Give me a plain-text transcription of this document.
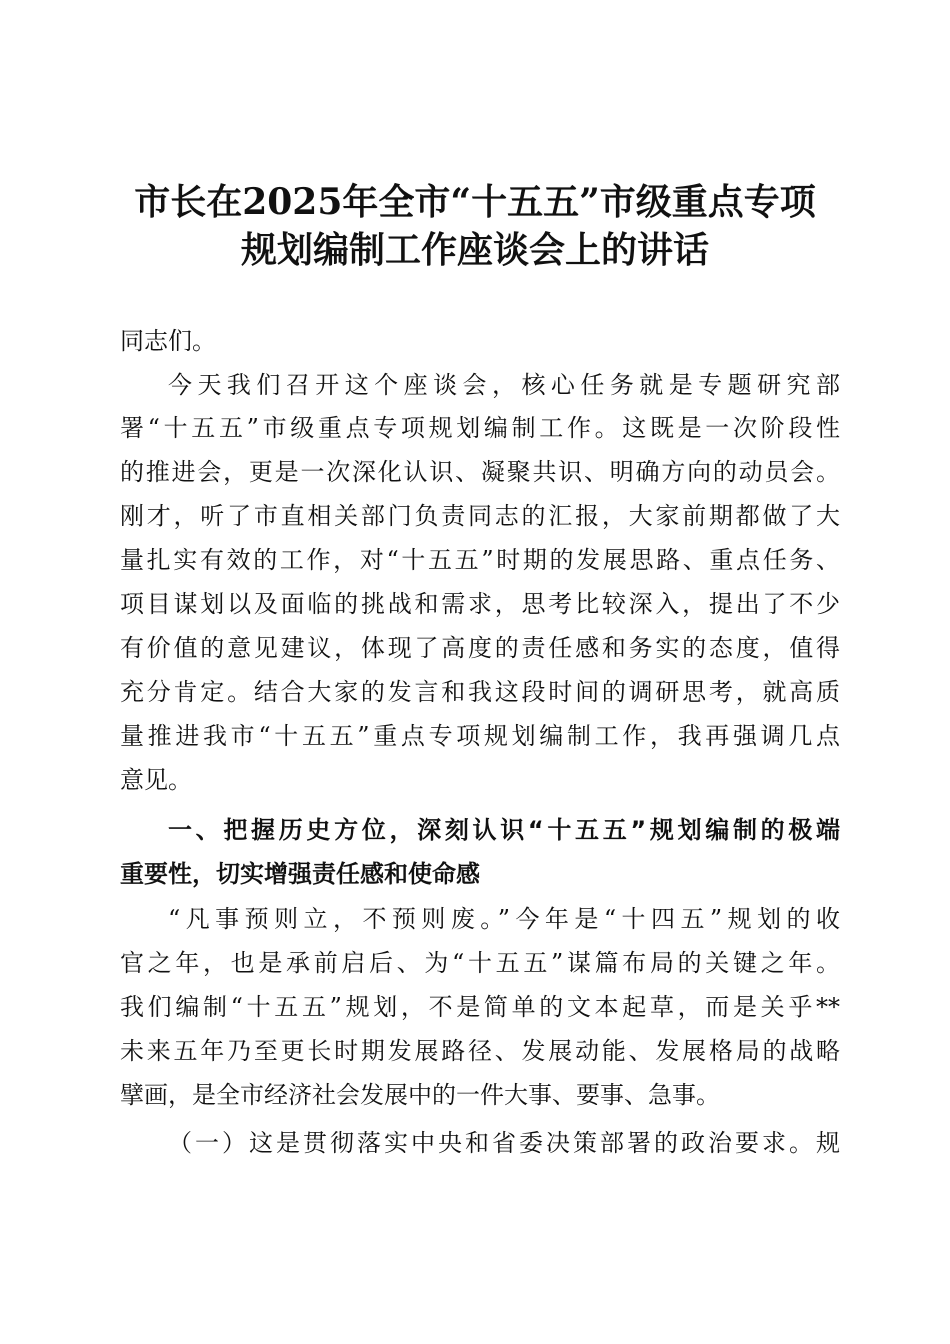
市长在2025年全市“十五五”市级重点专项
规划编制工作座谈会上的讲话
同志们。
今天我们召开这个座谈会，核心任务就是专题研究部
署“十五五”市级重点专项规划编制工作。这既是一次阶段性
的推进会，更是一次深化认识、凝聚共识、明确方向的动员会。
刚才，听了市直相关部门负责同志的汇报，大家前期都做了大
量扎实有效的工作，对“十五五”时期的发展思路、重点任务、
项目谋划以及面临的挑战和需求，思考比较深入，提出了不少
有价值的意见建议，体现了高度的责任感和务实的态度，值得
充分肯定。结合大家的发言和我这段时间的调研思考，就高质
量推进我市“十五五”重点专项规划编制工作，我再强调几点
意见。
一、把握历史方位，深刻认识“十五五”规划编制的极端
重要性，切实增强责任感和使命感
“凡事预则立，不预则废。”今年是“十四五”规划的收
官之年，也是承前启后、为“十五五”谋篇布局的关键之年。
我们编制“十五五”规划，不是简单的文本起草，而是关乎**
未来五年乃至更长时期发展路径、发展动能、发展格局的战略
擘画，是全市经济社会发展中的一件大事、要事、急事。
（一）这是贯彻落实中央和省委决策部署的政治要求。规
